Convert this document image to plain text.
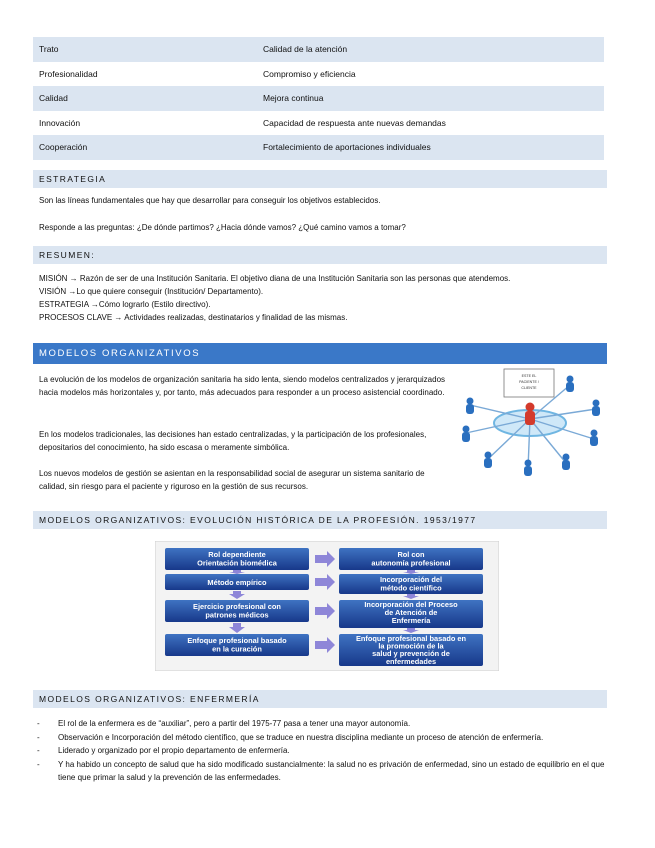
Trato	Calidad de la atención
Profesionalidad	Compromiso y eficiencia
Calidad	Mejora continua
Innovación	Capacidad de respuesta ante nuevas demandas
Cooperación	Fortalecimiento de aportaciones individuales
ESTRATEGIA
Son las líneas fundamentales que hay que desarrollar para conseguir los objetivos establecidos.
Responde a las preguntas: ¿De dónde partimos? ¿Hacia dónde vamos? ¿Qué camino vamos a tomar?
RESUMEN:
MISIÓN → Razón de ser de una Institución Sanitaria. El objetivo diana de una Institución Sanitaria son las personas que atendemos.
VISIÓN →Lo que quiere conseguir (Institución/ Departamento).
ESTRATEGIA →Cómo lograrlo (Estilo directivo).
PROCESOS CLAVE → Actividades realizadas, destinatarios y finalidad de las mismas.
MODELOS ORGANIZATIVOS
La evolución de los modelos de organización sanitaria ha sido lenta, siendo modelos centralizados y jerarquizados hacia modelos más horizontales y, por tanto, más adecuados para responder a un proceso asistencial coordinado.
En los modelos tradicionales, las decisiones han estado centralizadas, y la participación de los profesionales, depositarios del conocimiento, ha sido escasa o meramente simbólica.
Los nuevos modelos de gestión se asientan en la responsabilidad social de asegurar un sistema sanitario de calidad, sin riesgo para el paciente y riguroso en la gestión de sus recursos.
ESTE EL
PACIENTE /
CLIENTE
MODELOS ORGANIZATIVOS: EVOLUCIÓN HISTÓRICA DE LA PROFESIÓN. 1953/1977
Rol dependiente Orientación biomédica
Método empírico
Ejercicio profesional con patrones médicos
Enfoque profesional basado en la curación
Rol con autonomía profesional
Incorporación del método científico
Incorporación del Proceso de Atención de Enfermería
Enfoque profesional basado en la promoción de la salud y prevención de enfermedades
MODELOS ORGANIZATIVOS: ENFERMERÍA
- El rol de la enfermera es de “auxiliar”, pero a partir del 1975-77 pasa a tener una mayor autonomía.
- Observación e Incorporación del método científico, que se traduce en nuestra disciplina mediante un proceso de atención de enfermería.
- Liderado y organizado por el propio departamento de enfermería.
- Y ha habido un concepto de salud que ha sido modificado sustancialmente: la salud no es privación de enfermedad, sino un estado de equilibrio en el que tiene que primar la salud y la prevención de las enfermedades.
